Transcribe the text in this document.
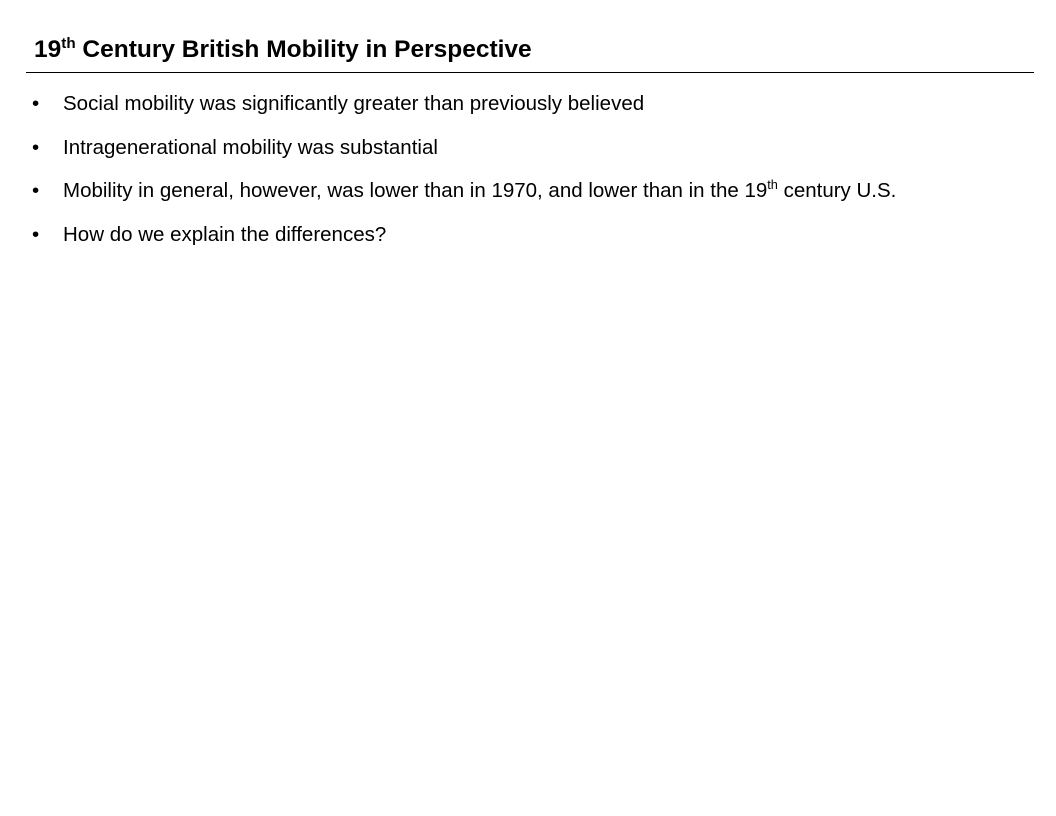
19th Century British Mobility in Perspective
• Social mobility was significantly greater than previously believed
• Intragenerational mobility was substantial
• Mobility in general, however, was lower than in 1970, and lower than in the 19th century U.S.
• How do we explain the differences?
